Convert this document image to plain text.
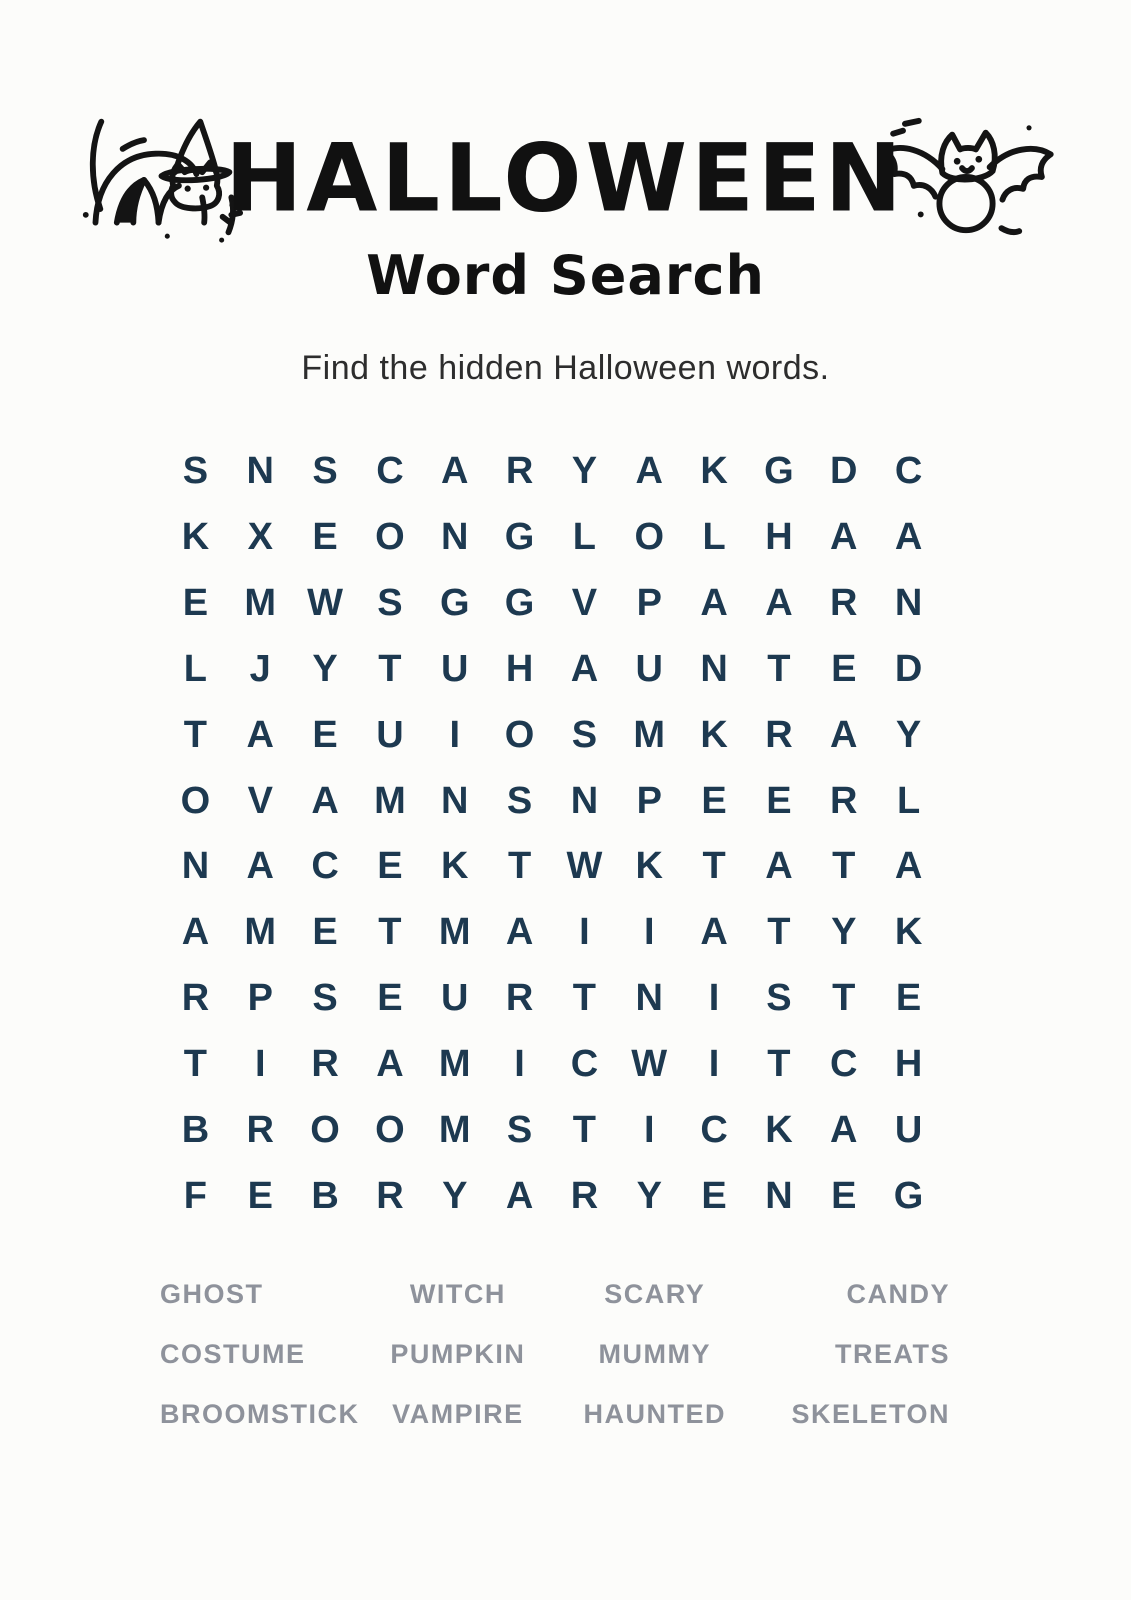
HALLOWEEN
Word Search

Find the hidden Halloween words.

S	N	S	C A R	Y	A K G D C
K	X	E O N G	L	O	L	H A A
E M W S G G V	P	A A R N
L	J	Y	T	U H A U N	T	E	D
T	A	E	U	I	O S M K R A	Y
O V	A M N	S	N	P	E	E	R	L
N A C	E	K	T W K	T	A	T	A
A M E	T M A	I	I	A	T	Y	K
R	P	S	E	U R	T	N	I	S	T	E
T	I	R A M	I	C W	I	T	C H
B R O O M S	T	I	C K A U
F	E	B R	Y	A R	Y	E	N	E G
GHOST	WITCH	SCARY	CANDY
COSTUME	PUMPKIN	MUMMY	TREATS
BROOMSTICK VAMPIRE HAUNTED SKELETON
